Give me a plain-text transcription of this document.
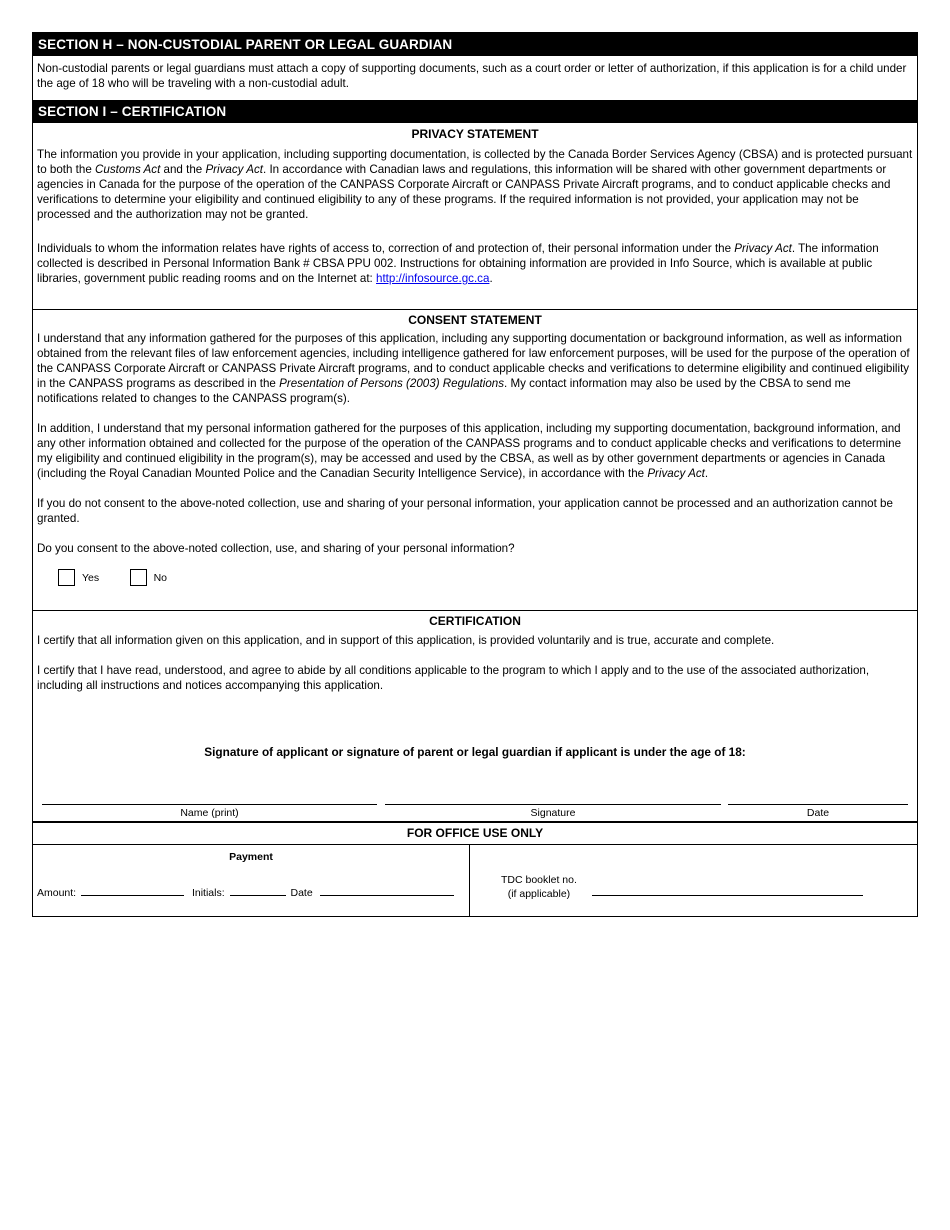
SECTION H – NON-CUSTODIAL PARENT OR LEGAL GUARDIAN
Non-custodial parents or legal guardians must attach a copy of supporting documents, such as a court order or letter of authorization, if this application is for a child under the age of 18 who will be traveling with a non-custodial adult.
SECTION I – CERTIFICATION
PRIVACY STATEMENT
The information you provide in your application, including supporting documentation, is collected by the Canada Border Services Agency (CBSA) and is protected pursuant to both the Customs Act and the Privacy Act. In accordance with Canadian laws and regulations, this information will be shared with other government departments or agencies in Canada for the purpose of the operation of the CANPASS Corporate Aircraft or CANPASS Private Aircraft programs, and to conduct applicable checks and verifications to determine your eligibility and continued eligibility to any of these programs. If the required information is not provided, your application may not be processed and the authorization may not be granted.
Individuals to whom the information relates have rights of access to, correction of and protection of, their personal information under the Privacy Act. The information collected is described in Personal Information Bank # CBSA PPU 002. Instructions for obtaining information are provided in Info Source, which is available at public libraries, government public reading rooms and on the Internet at: http://infosource.gc.ca.
CONSENT STATEMENT
I understand that any information gathered for the purposes of this application, including any supporting documentation or background information, as well as information obtained from the relevant files of law enforcement agencies, including intelligence gathered for law enforcement purposes, will be used for the purpose of the operation of the CANPASS Corporate Aircraft or CANPASS Private Aircraft programs, and to conduct applicable checks and verifications to determine eligibility and continued eligibility in the CANPASS programs as described in the Presentation of Persons (2003) Regulations. My contact information may also be used by the CBSA to send me notifications related to changes to the CANPASS program(s).
In addition, I understand that my personal information gathered for the purposes of this application, including my supporting documentation, background information, and any other information obtained and collected for the purpose of the operation of the CANPASS programs and to conduct applicable checks and verifications to determine my eligibility and continued eligibility in the program(s), may be accessed and used by the CBSA, as well as by other government departments or agencies in Canada (including the Royal Canadian Mounted Police and the Canadian Security Intelligence Service), in accordance with the Privacy Act.
If you do not consent to the above-noted collection, use and sharing of your personal information, your application cannot be processed and an authorization cannot be granted.
Do you consent to the above-noted collection, use, and sharing of your personal information?
Yes	No
CERTIFICATION
I certify that all information given on this application, and in support of this application, is provided voluntarily and is true, accurate and complete.
I certify that I have read, understood, and agree to abide by all conditions applicable to the program to which I apply and to the use of the associated authorization, including all instructions and notices accompanying this application.
Signature of applicant or signature of parent or legal guardian if applicant is under the age of 18:
Name (print)	Signature	Date
FOR OFFICE USE ONLY
Payment
Amount:	Initials:	Date
TDC booklet no.
(if applicable)
